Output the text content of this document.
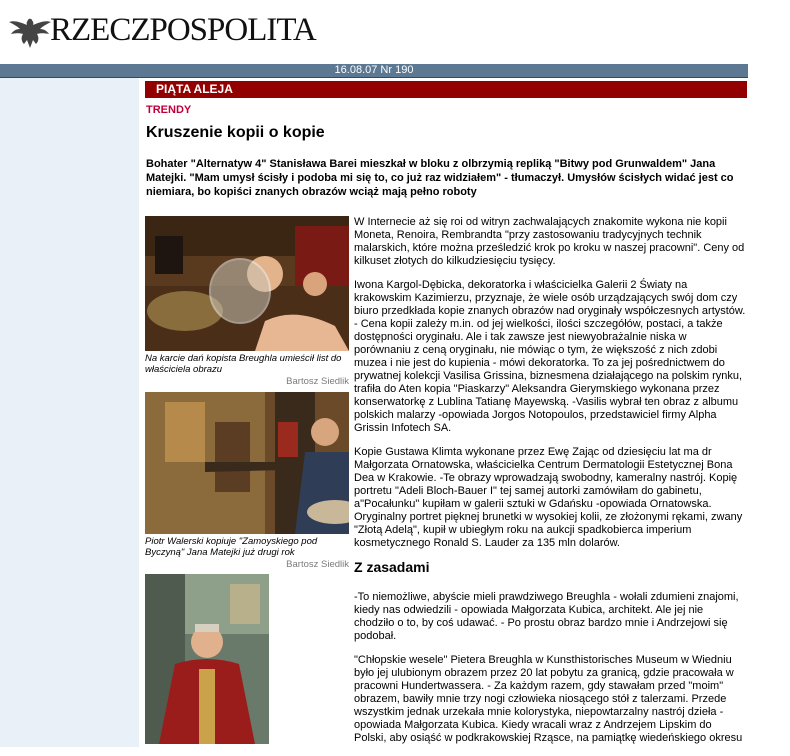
RZECZPOSPOLITA
16.08.07 Nr 190
PIĄTA ALEJA
TRENDY
Kruszenie kopii o kopie

Bohater "Alternatyw 4" Stanisława Barei mieszkał w bloku z olbrzymią repliką "Bitwy pod Grunwaldem" Jana Matejki. "Mam umysł ścisły i podoba mi się to, co już raz widziałem" - tłumaczył. Umysłów ścisłych widać jest co niemiara, bo kopiści znanych obrazów wciąż mają pełno roboty

Na karcie dań kopista Breughla umieścił list do właściciela obrazu

Bartosz Siedlik

Piotr Walerski kopiuje "Zamoyskiego pod Byczyną" Jana Matejki już drugi rok

Bartosz Siedlik

W Internecie aż się roi od witryn zachwalających znakomite wykona nie kopii Moneta, Renoira, Rembrandta "przy zastosowaniu tradycyjnych technik malarskich, które można prześledzić krok po kroku w naszej pracowni". Ceny od kilkuset złotych do kilkudziesięciu tysięcy.

Iwona Kargol-Dębicka, dekoratorka i właścicielka Galerii 2 Światy na krakowskim Kazimierzu, przyznaje, że wiele osób urządzających swój dom czy biuro przedkłada kopie znanych obrazów nad oryginały współczesnych artystów. - Cena kopii zależy m.in. od jej wielkości, ilości szczegółów, postaci, a także dostępności oryginału. Ale i tak zawsze jest niewyobrażalnie niska w porównaniu z ceną oryginału, nie mówiąc o tym, że większość z nich zdobi muzea i nie jest do kupienia - mówi dekoratorka. To za jej pośrednictwem do prywatnej kolekcji Vasilisa Grissina, biznesmena działającego na polskim rynku, trafiła do Aten kopia "Piaskarzy" Aleksandra Gierymskiego wykonana przez konserwatorkę z Lublina Tatianę Mayewską. -Vasilis wybrał ten obraz z albumu polskich malarzy -opowiada Jorgos Notopoulos, przedstawiciel firmy Alpha Grissin Infotech SA.

Kopie Gustawa Klimta wykonane przez Ewę Zając od dziesięciu lat ma dr Małgorzata Ornatowska, właścicielka Centrum Dermatologii Estetycznej Bona Dea w Krakowie. -Te obrazy wprowadzają swobodny, kameralny nastrój. Kopię portretu "Adeli Bloch-Bauer I" tej samej autorki zamówiłam do gabinetu, a"Pocałunku" kupiłam w galerii sztuki w Gdańsku -opowiada Ornatowska. Oryginalny portret pięknej brunetki w wysokiej kolii, ze złożonymi rękami, zwany "Złotą Adelą", kupił w ubiegłym roku na aukcji spadkobierca imperium kosmetycznego Ronald S. Lauder za 135 mln dolarów.

Z zasadami

-To niemożliwe, abyście mieli prawdziwego Breughla - wołali zdumieni znajomi, kiedy nas odwiedzili - opowiada Małgorzata Kubica, architekt. Ale jej nie chodziło o to, by coś udawać. - Po prostu obraz bardzo mnie i Andrzejowi się podobał.

"Chłopskie wesele" Pietera Breughla w Kunsthistorisches Museum w Wiedniu było jej ulubionym obrazem przez 20 lat pobytu za granicą, gdzie pracowała w pracowni Hundertwassera. - Za każdym razem, gdy stawałam przed "moim" obrazem, bawiły mnie trzy nogi człowieka niosącego stół z talerzami. Przede wszystkim jednak urzekała mnie kolorystyka, niepowtarzalny nastrój dzieła - opowiada Małgorzata Kubica. Kiedy wracali wraz z Andrzejem Lipskim do Polski, aby osiąść w podkrakowskiej Rząsce, na pamiątkę wiedeńskiego okresu
